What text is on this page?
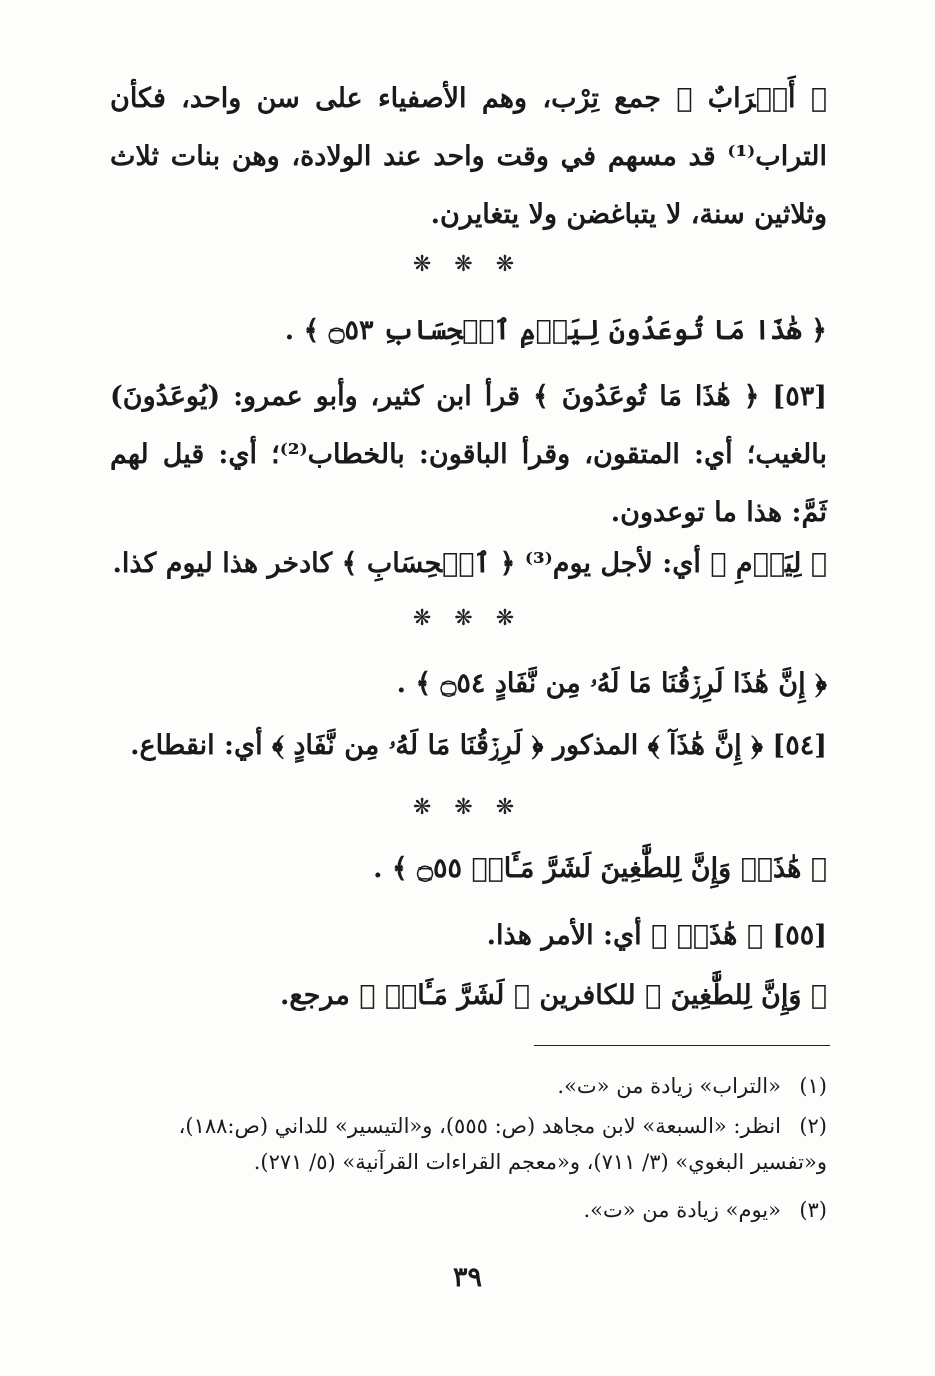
﴿ أَتۡرَابٌ ﴾ جمع تِرْب، وهم الأصفياء على سن واحد، فكأن التراب⁽¹⁾ قد مسهم في وقت واحد عند الولادة، وهن بنات ثلاث وثلاثين سنة، لا يتباغضن ولا يتغايرن.
❋ ❋ ❋
﴿ هَٰذَا مَا تُوعَدُونَ لِيَوۡمِ ٱلۡحِسَابِ ۝٥٣ ﴾ .
[٥٣] ﴿ هَٰذَا مَا تُوعَدُونَ ﴾ قرأ ابن كثير، وأبو عمرو: (يُوعَدُونَ) بالغيب؛ أي: المتقون، وقرأ الباقون: بالخطاب⁽²⁾؛ أي: قيل لهم ثَمَّ: هذا ما توعدون.
﴿ لِيَوۡمِ ﴾ أي: لأجل يوم⁽³⁾ ﴿ ٱلۡحِسَابِ ﴾ كادخر هذا ليوم كذا.
❋ ❋ ❋
﴿ إِنَّ هَٰذَا لَرِزۡقُنَا مَا لَهُۥ مِن نَّفَادٍ ۝٥٤ ﴾ .
[٥٤] ﴿ إِنَّ هَٰذَآ ﴾ المذكور ﴿ لَرِزۡقُنَا مَا لَهُۥ مِن نَّفَادٍ ﴾ أي: انقطاع.
❋ ❋ ❋
﴿ هَٰذَاۚ وَإِنَّ لِلطَّٰغِينَ لَشَرَّ مَـَٔابٖ ۝٥٥ ﴾ .
[٥٥] ﴿ هَٰذَاۚ ﴾ أي: الأمر هذا.
﴿ وَإِنَّ لِلطَّٰغِينَ ﴾ للكافرين ﴿ لَشَرَّ مَـَٔابٖ ﴾ مرجع.
(١)«التراب» زيادة من «ت».
(٢)انظر: «السبعة» لابن مجاهد (ص: ٥٥٥)، و«التيسير» للداني (ص:١٨٨)، و«تفسير البغوي» (٣/ ٧١١)، و«معجم القراءات القرآنية» (٥/ ٢٧١).
(٣)«يوم» زيادة من «ت».
٣٩
